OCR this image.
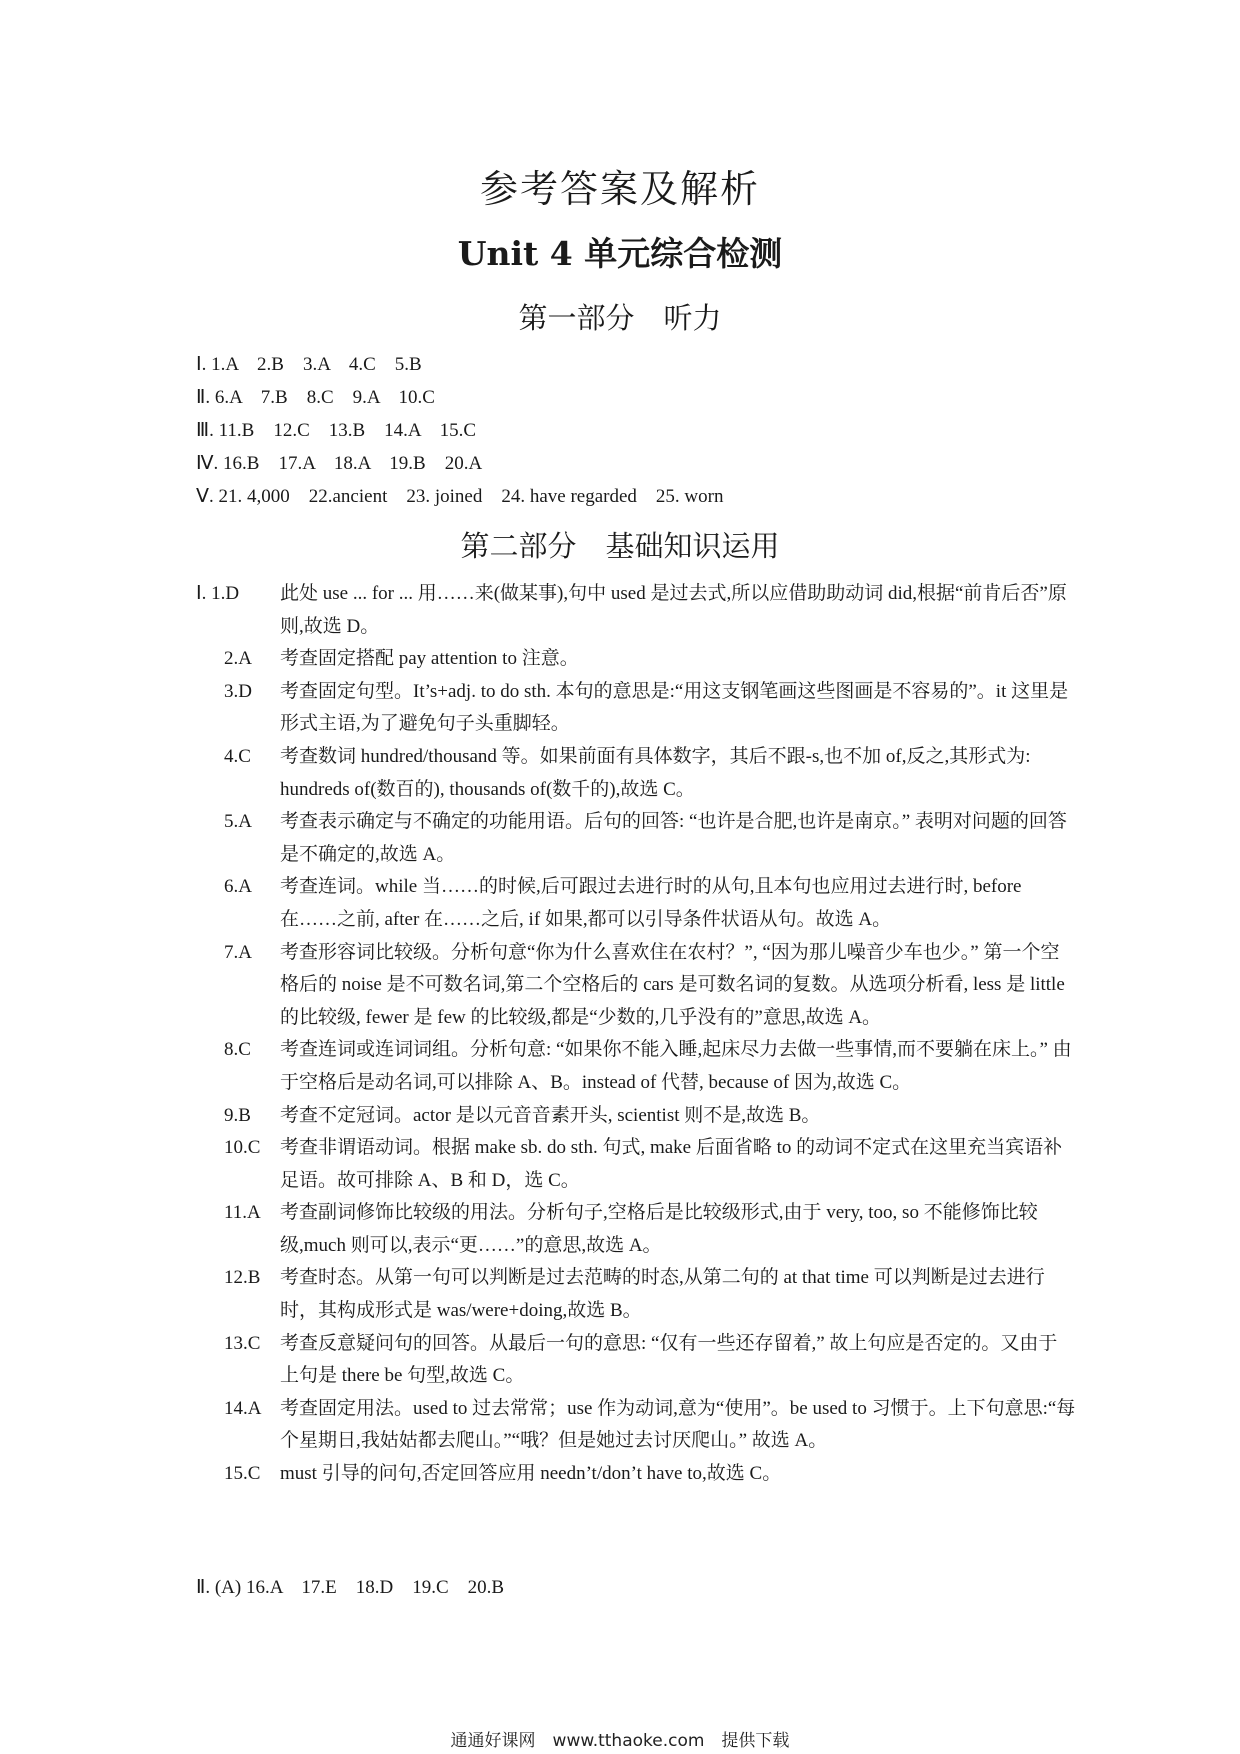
参考答案及解析
Unit 4 单元综合检测
第一部分　听力
Ⅰ. 1.A　2.B　3.A　4.C　5.B
Ⅱ. 6.A　7.B　8.C　9.A　10.C
Ⅲ. 11.B　12.C　13.B　14.A　15.C
Ⅳ. 16.B　17.A　18.A　19.B　20.A
Ⅴ. 21. 4,000　22.ancient　23. joined　24. have regarded　25. worn
第二部分　基础知识运用
Ⅰ. 1.D	此处 use ... for ... 用……来(做某事),句中 used 是过去式,所以应借助助动词 did,根据“前肯后否”原则,故选 D。
2.A	考查固定搭配 pay attention to 注意。
3.D	考查固定句型。It’s+adj. to do sth. 本句的意思是:“用这支钢笔画这些图画是不容易的”。it 这里是形式主语,为了避免句子头重脚轻。
4.C	考查数词 hundred/thousand 等。如果前面有具体数字，其后不跟-s,也不加 of,反之,其形式为: hundreds of(数百的), thousands of(数千的),故选 C。
5.A	考查表示确定与不确定的功能用语。后句的回答: “也许是合肥,也许是南京。” 表明对问题的回答是不确定的,故选 A。
6.A	考查连词。while 当……的时候,后可跟过去进行时的从句,且本句也应用过去进行时, before 在……之前, after 在……之后, if 如果,都可以引导条件状语从句。故选 A。
7.A	考查形容词比较级。分析句意“你为什么喜欢住在农村？”, “因为那儿噪音少车也少。” 第一个空格后的 noise 是不可数名词,第二个空格后的 cars 是可数名词的复数。从选项分析看, less 是 little 的比较级, fewer 是 few 的比较级,都是“少数的,几乎没有的”意思,故选 A。
8.C	考查连词或连词词组。分析句意: “如果你不能入睡,起床尽力去做一些事情,而不要躺在床上。” 由于空格后是动名词,可以排除 A、B。instead of 代替, because of 因为,故选 C。
9.B	考查不定冠词。actor 是以元音音素开头, scientist 则不是,故选 B。
10.C	考查非谓语动词。根据 make sb. do sth. 句式, make 后面省略 to 的动词不定式在这里充当宾语补足语。故可排除 A、B 和 D，选 C。
11.A	考查副词修饰比较级的用法。分析句子,空格后是比较级形式,由于 very, too, so 不能修饰比较级,much 则可以,表示“更……”的意思,故选 A。
12.B	考查时态。从第一句可以判断是过去范畴的时态,从第二句的 at that time 可以判断是过去进行时，其构成形式是 was/were+doing,故选 B。
13.C	考查反意疑问句的回答。从最后一句的意思: “仅有一些还存留着,” 故上句应是否定的。又由于上句是 there be 句型,故选 C。
14.A 考查固定用法。used to 过去常常；use 作为动词,意为“使用”。be used to 习惯于。上下句意思:“每个星期日,我姑姑都去爬山。”“哦？但是她过去讨厌爬山。” 故选 A。
15.C	must 引导的问句,否定回答应用 needn’t/don’t have to,故选 C。
Ⅱ. (A) 16.A　17.E　18.D　19.C　20.B
通通好课网　www.tthaoke.com　提供下载
